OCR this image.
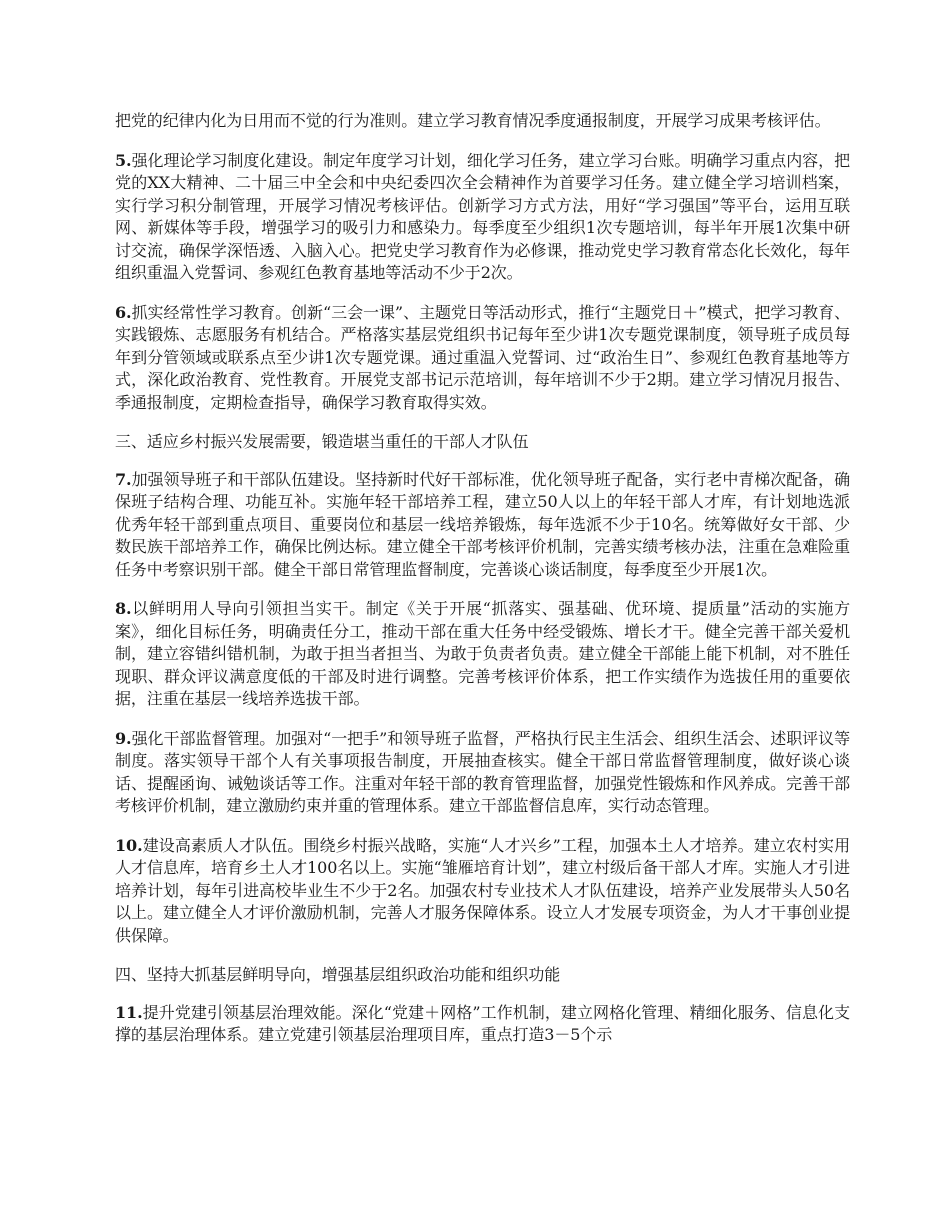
把党的纪律内化为日用而不觉的行为准则。建立学习教育情况季度通报制度，开展学习成果考核评估。

5.强化理论学习制度化建设。制定年度学习计划，细化学习任务，建立学习台账。明确学习重点内容，把党的XX大精神、二十届三中全会和中央纪委四次全会精神作为首要学习任务。建立健全学习培训档案，实行学习积分制管理，开展学习情况考核评估。创新学习方式方法，用好“学习强国”等平台，运用互联网、新媒体等手段，增强学习的吸引力和感染力。每季度至少组织1次专题培训，每半年开展1次集中研讨交流，确保学深悟透、入脑入心。把党史学习教育作为必修课，推动党史学习教育常态化长效化，每年组织重温入党誓词、参观红色教育基地等活动不少于2次。

6.抓实经常性学习教育。创新“三会一课”、主题党日等活动形式，推行“主题党日＋”模式，把学习教育、实践锻炼、志愿服务有机结合。严格落实基层党组织书记每年至少讲1次专题党课制度，领导班子成员每年到分管领域或联系点至少讲1次专题党课。通过重温入党誓词、过“政治生日”、参观红色教育基地等方式，深化政治教育、党性教育。开展党支部书记示范培训，每年培训不少于2期。建立学习情况月报告、季通报制度，定期检查指导，确保学习教育取得实效。

三、适应乡村振兴发展需要，锻造堪当重任的干部人才队伍

7.加强领导班子和干部队伍建设。坚持新时代好干部标准，优化领导班子配备，实行老中青梯次配备，确保班子结构合理、功能互补。实施年轻干部培养工程，建立50人以上的年轻干部人才库，有计划地选派优秀年轻干部到重点项目、重要岗位和基层一线培养锻炼，每年选派不少于10名。统筹做好女干部、少数民族干部培养工作，确保比例达标。建立健全干部考核评价机制，完善实绩考核办法，注重在急难险重任务中考察识别干部。健全干部日常管理监督制度，完善谈心谈话制度，每季度至少开展1次。

8.以鲜明用人导向引领担当实干。制定《关于开展“抓落实、强基础、优环境、提质量”活动的实施方案》，细化目标任务，明确责任分工，推动干部在重大任务中经受锻炼、增长才干。健全完善干部关爱机制，建立容错纠错机制，为敢于担当者担当、为敢于负责者负责。建立健全干部能上能下机制，对不胜任现职、群众评议满意度低的干部及时进行调整。完善考核评价体系，把工作实绩作为选拔任用的重要依据，注重在基层一线培养选拔干部。

9.强化干部监督管理。加强对“一把手”和领导班子监督，严格执行民主生活会、组织生活会、述职评议等制度。落实领导干部个人有关事项报告制度，开展抽查核实。健全干部日常监督管理制度，做好谈心谈话、提醒函询、诫勉谈话等工作。注重对年轻干部的教育管理监督，加强党性锻炼和作风养成。完善干部考核评价机制，建立激励约束并重的管理体系。建立干部监督信息库，实行动态管理。

10.建设高素质人才队伍。围绕乡村振兴战略，实施“人才兴乡”工程，加强本土人才培养。建立农村实用人才信息库，培育乡土人才100名以上。实施“雏雁培育计划”，建立村级后备干部人才库。实施人才引进培养计划，每年引进高校毕业生不少于2名。加强农村专业技术人才队伍建设，培养产业发展带头人50名以上。建立健全人才评价激励机制，完善人才服务保障体系。设立人才发展专项资金，为人才干事创业提供保障。

四、坚持大抓基层鲜明导向，增强基层组织政治功能和组织功能

11.提升党建引领基层治理效能。深化“党建＋网格”工作机制，建立网格化管理、精细化服务、信息化支撑的基层治理体系。建立党建引领基层治理项目库，重点打造3－5个示
